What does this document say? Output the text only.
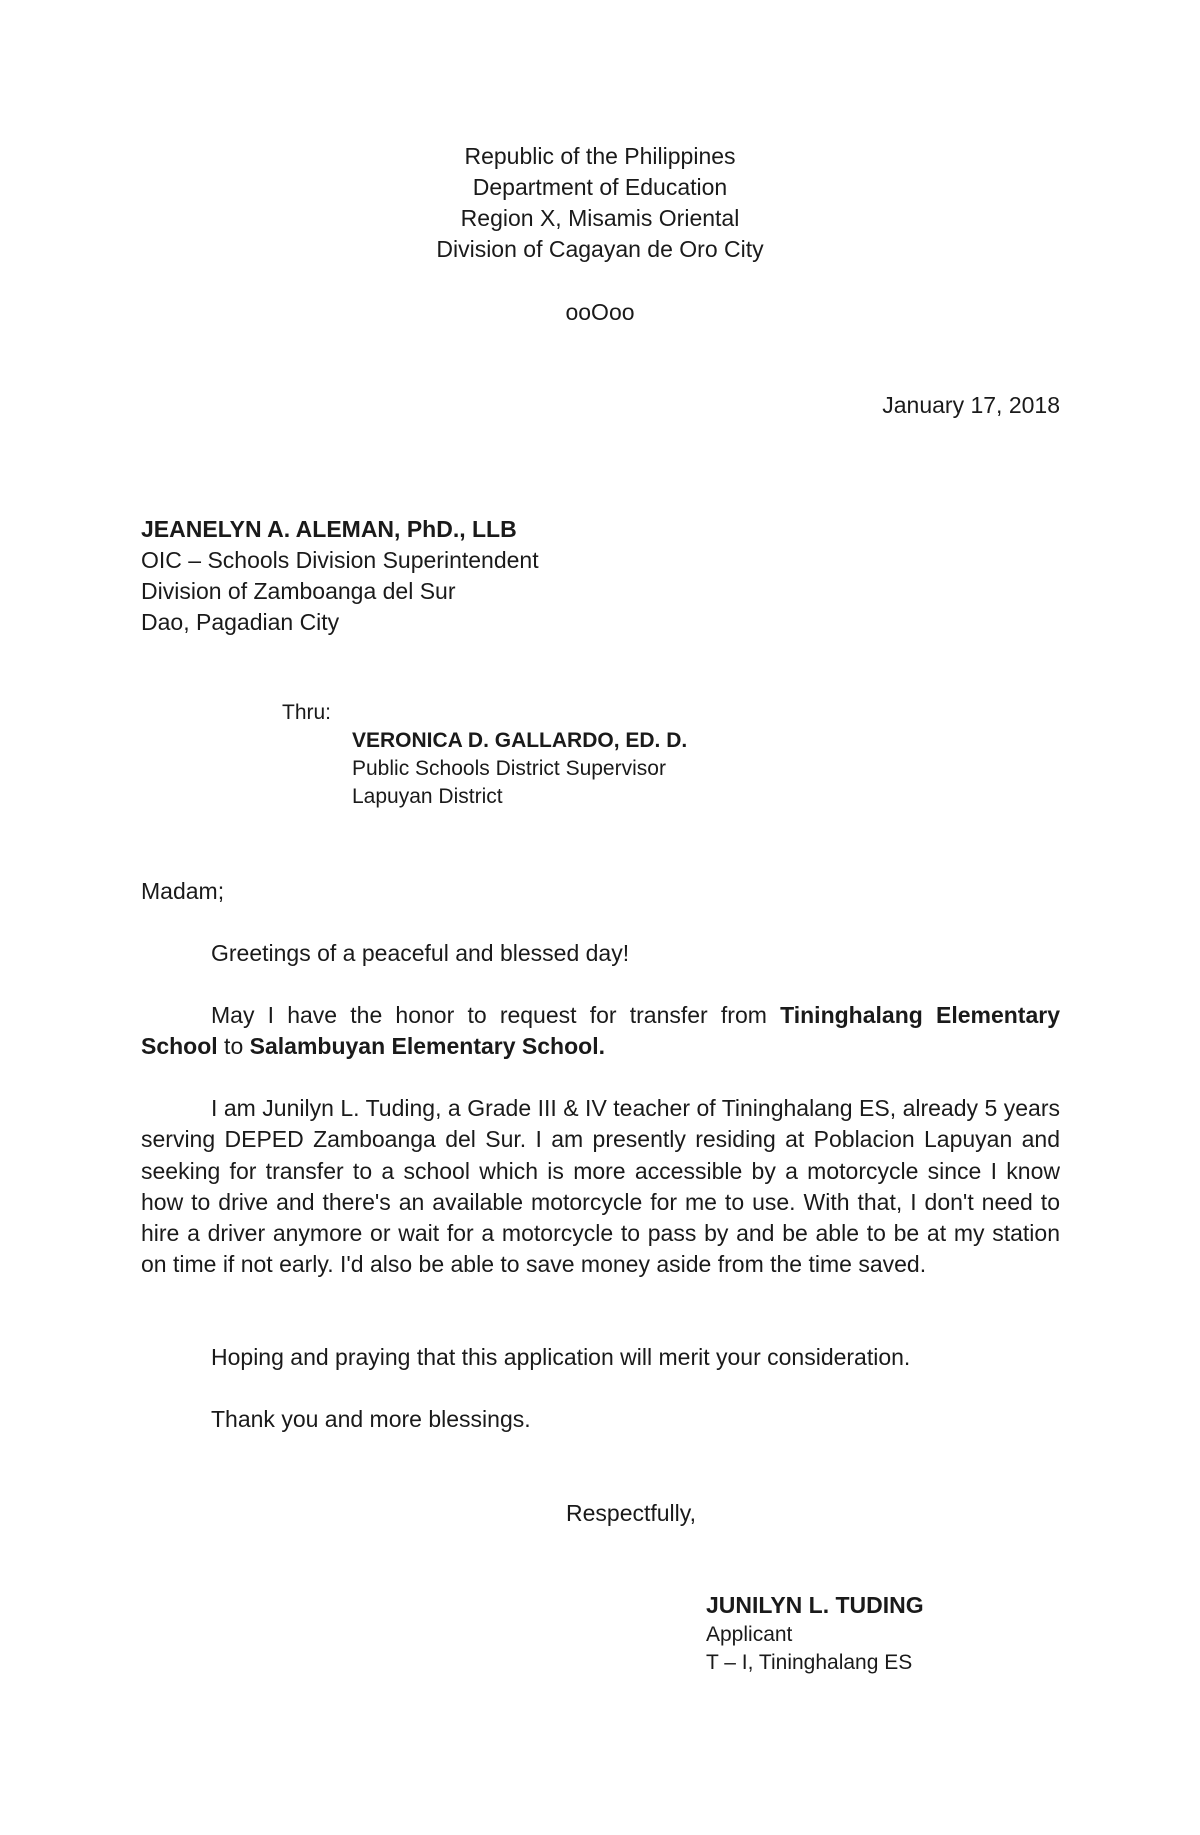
Republic of the Philippines
Department of Education
Region X, Misamis Oriental
Division of Cagayan de Oro City
ooOoo
January 17, 2018
JEANELYN A. ALEMAN, PhD., LLB
OIC – Schools Division Superintendent
Division of Zamboanga del Sur
Dao, Pagadian City
Thru:
VERONICA D. GALLARDO, ED. D.
Public Schools District Supervisor
Lapuyan District
Madam;

Greetings of a peaceful and blessed day!

May I have the honor to request for transfer from Tininghalang Elementary School to Salambuyan Elementary School.

I am Junilyn L. Tuding, a Grade III & IV teacher of Tininghalang ES, already 5 years serving DEPED Zamboanga del Sur. I am presently residing at Poblacion Lapuyan and seeking for transfer to a school which is more accessible by a motorcycle since I know how to drive and there's an available motorcycle for me to use. With that, I don't need to hire a driver anymore or wait for a motorcycle to pass by and be able to be at my station on time if not early. I'd also be able to save money aside from the time saved.

Hoping and praying that this application will merit your consideration.

Thank you and more blessings.

Respectfully,
JUNILYN L. TUDING
Applicant
T – I, Tininghalang ES
